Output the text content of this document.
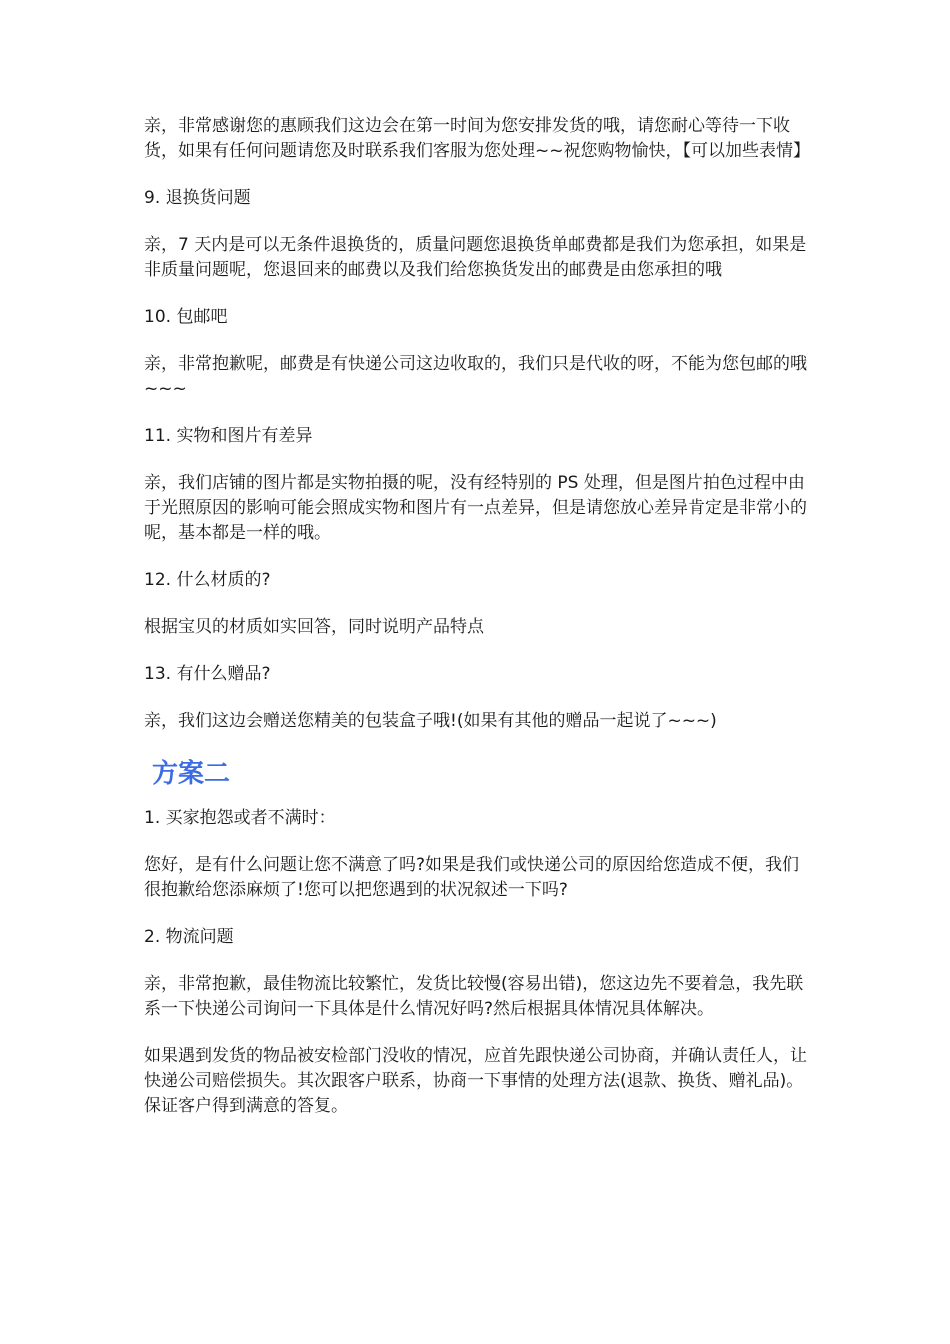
亲，非常感谢您的惠顾我们这边会在第一时间为您安排发货的哦，请您耐心等待一下收货，如果有任何问题请您及时联系我们客服为您处理~~祝您购物愉快，【可以加些表情】

9. 退换货问题

亲，7 天内是可以无条件退换货的，质量问题您退换货单邮费都是我们为您承担，如果是非质量问题呢，您退回来的邮费以及我们给您换货发出的邮费是由您承担的哦

10. 包邮吧

亲，非常抱歉呢，邮费是有快递公司这边收取的，我们只是代收的呀，不能为您包邮的哦~~~

11. 实物和图片有差异

亲，我们店铺的图片都是实物拍摄的呢，没有经特别的 PS 处理，但是图片拍色过程中由于光照原因的影响可能会照成实物和图片有一点差异，但是请您放心差异肯定是非常小的呢，基本都是一样的哦。

12. 什么材质的?

根据宝贝的材质如实回答，同时说明产品特点

13. 有什么赠品?

亲，我们这边会赠送您精美的包装盒子哦!(如果有其他的赠品一起说了~~~)

方案二

1. 买家抱怨或者不满时：

您好，是有什么问题让您不满意了吗?如果是我们或快递公司的原因给您造成不便，我们很抱歉给您添麻烦了!您可以把您遇到的状况叙述一下吗?

2. 物流问题

亲，非常抱歉，最佳物流比较繁忙，发货比较慢(容易出错)，您这边先不要着急，我先联系一下快递公司询问一下具体是什么情况好吗?然后根据具体情况具体解决。

如果遇到发货的物品被安检部门没收的情况，应首先跟快递公司协商，并确认责任人，让快递公司赔偿损失。其次跟客户联系，协商一下事情的处理方法(退款、换货、赠礼品)。保证客户得到满意的答复。
